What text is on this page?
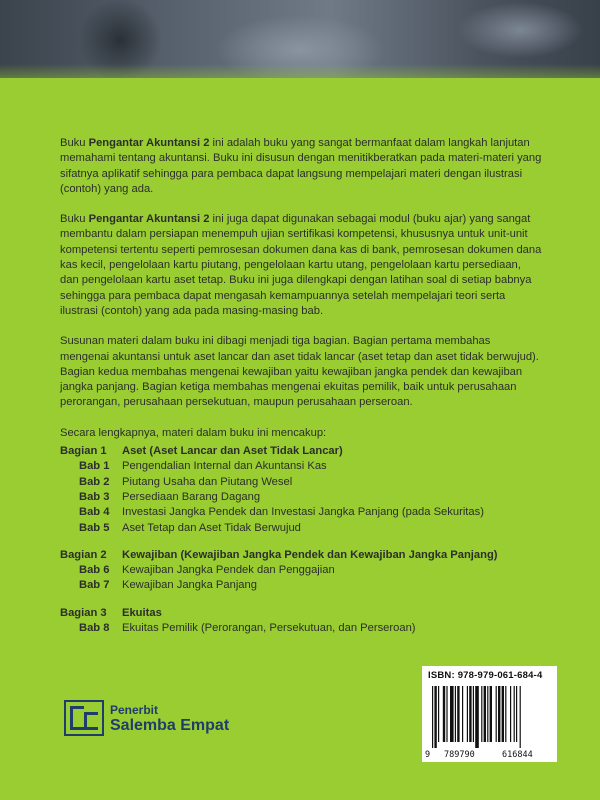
Buku Pengantar Akuntansi 2 ini adalah buku yang sangat bermanfaat dalam langkah lanjutan memahami tentang akuntansi. Buku ini disusun dengan menitikberatkan pada materi-materi yang sifatnya aplikatif sehingga para pembaca dapat langsung mempelajari materi dengan ilustrasi (contoh) yang ada.

Buku Pengantar Akuntansi 2 ini juga dapat digunakan sebagai modul (buku ajar) yang sangat membantu dalam persiapan menempuh ujian sertifikasi kompetensi, khususnya untuk unit-unit kompetensi tertentu seperti pemrosesan dokumen dana kas di bank, pemrosesan dokumen dana kas kecil, pengelolaan kartu piutang, pengelolaan kartu utang, pengelolaan kartu persediaan, dan pengelolaan kartu aset tetap. Buku ini juga dilengkapi dengan latihan soal di setiap babnya sehingga para pembaca dapat mengasah kemampuannya setelah mempelajari teori serta ilustrasi (contoh) yang ada pada masing-masing bab.

Susunan materi dalam buku ini dibagi menjadi tiga bagian. Bagian pertama membahas mengenai akuntansi untuk aset lancar dan aset tidak lancar (aset tetap dan aset tidak berwujud). Bagian kedua membahas mengenai kewajiban yaitu kewajiban jangka pendek dan kewajiban jangka panjang. Bagian ketiga membahas mengenai ekuitas pemilik, baik untuk perusahaan perorangan, perusahaan persekutuan, maupun perusahaan perseroan.

Secara lengkapnya, materi dalam buku ini mencakup:

Bagian 1	Aset (Aset Lancar dan Aset Tidak Lancar)
Bab 1	Pengendalian Internal dan Akuntansi Kas
Bab 2	Piutang Usaha dan Piutang Wesel
Bab 3	Persediaan Barang Dagang
Bab 4	Investasi Jangka Pendek dan Investasi Jangka Panjang (pada Sekuritas)
Bab 5	Aset Tetap dan Aset Tidak Berwujud
Bagian 2	Kewajiban (Kewajiban Jangka Pendek dan Kewajiban Jangka Panjang)
Bab 6	Kewajiban Jangka Pendek dan Penggajian
Bab 7	Kewajiban Jangka Panjang
Bagian 3	Ekuitas
Bab 8	Ekuitas Pemilik (Perorangan, Persekutuan, dan Perseroan)
Penerbit
Salemba Empat
ISBN: 978-979-061-684-4
9 789790	616844
